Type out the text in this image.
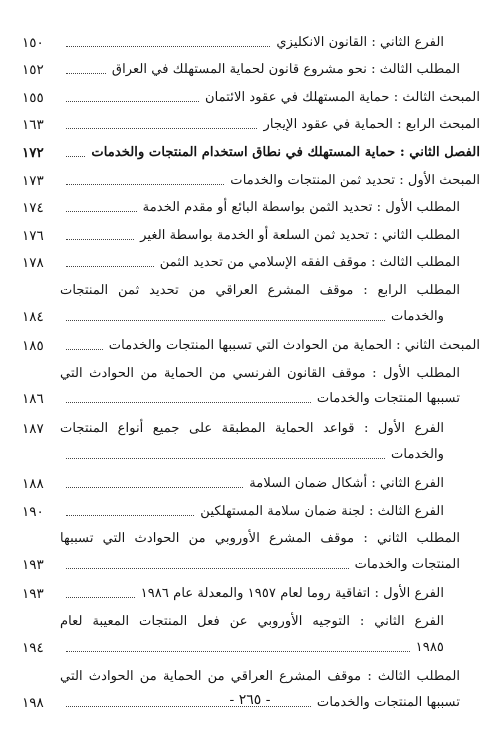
الفرع الثاني : القانون الانكليزي
١٥٠
المطلب الثالث : نحو مشروع قانون لحماية المستهلك في العراق
١٥٢
المبحث الثالث : حماية المستهلك في عقود الائتمان
١٥٥
المبحث الرابع : الحماية في عقود الإيجار
١٦٣
الفصل الثاني : حماية المستهلك في نطاق استخدام المنتجات والخدمات
١٧٢
المبحث الأول : تحديد ثمن المنتجات والخدمات
١٧٣
المطلب الأول : تحديد الثمن بواسطة البائع أو مقدم الخدمة
١٧٤
المطلب الثاني : تحديد ثمن السلعة أو الخدمة بواسطة الغير
١٧٦
المطلب الثالث : موقف الفقه الإسلامي من تحديد الثمن
١٧٨
المطلب الرابع : موقف المشرع العراقي من تحديد ثمن المنتجات
والخدمات
١٨٤
المبحث الثاني : الحماية من الحوادث التي تسببها المنتجات والخدمات
١٨٥
المطلب الأول : موقف القانون الفرنسي من الحماية من الحوادث التي
تسببها المنتجات والخدمات
١٨٦
الفرع الأول : قواعد الحماية المطبقة على جميع أنواع المنتجات
١٨٧
والخدمات
الفرع الثاني : أشكال ضمان السلامة
١٨٨
الفرع الثالث : لجنة ضمان سلامة المستهلكين
١٩٠
المطلب الثاني : موقف المشرع الأوروبي من الحوادث التي تسببها
المنتجات والخدمات
١٩٣
الفرع الأول : اتفاقية روما لعام ١٩٥٧ والمعدلة عام ١٩٨٦
١٩٣
الفرع الثاني : التوجيه الأوروبي عن فعل المنتجات المعيبة لعام
١٩٨٥
١٩٤
المطلب الثالث : موقف المشرع العراقي من الحماية من الحوادث التي
تسببها المنتجات والخدمات
١٩٨	- ٢٦٥ -
